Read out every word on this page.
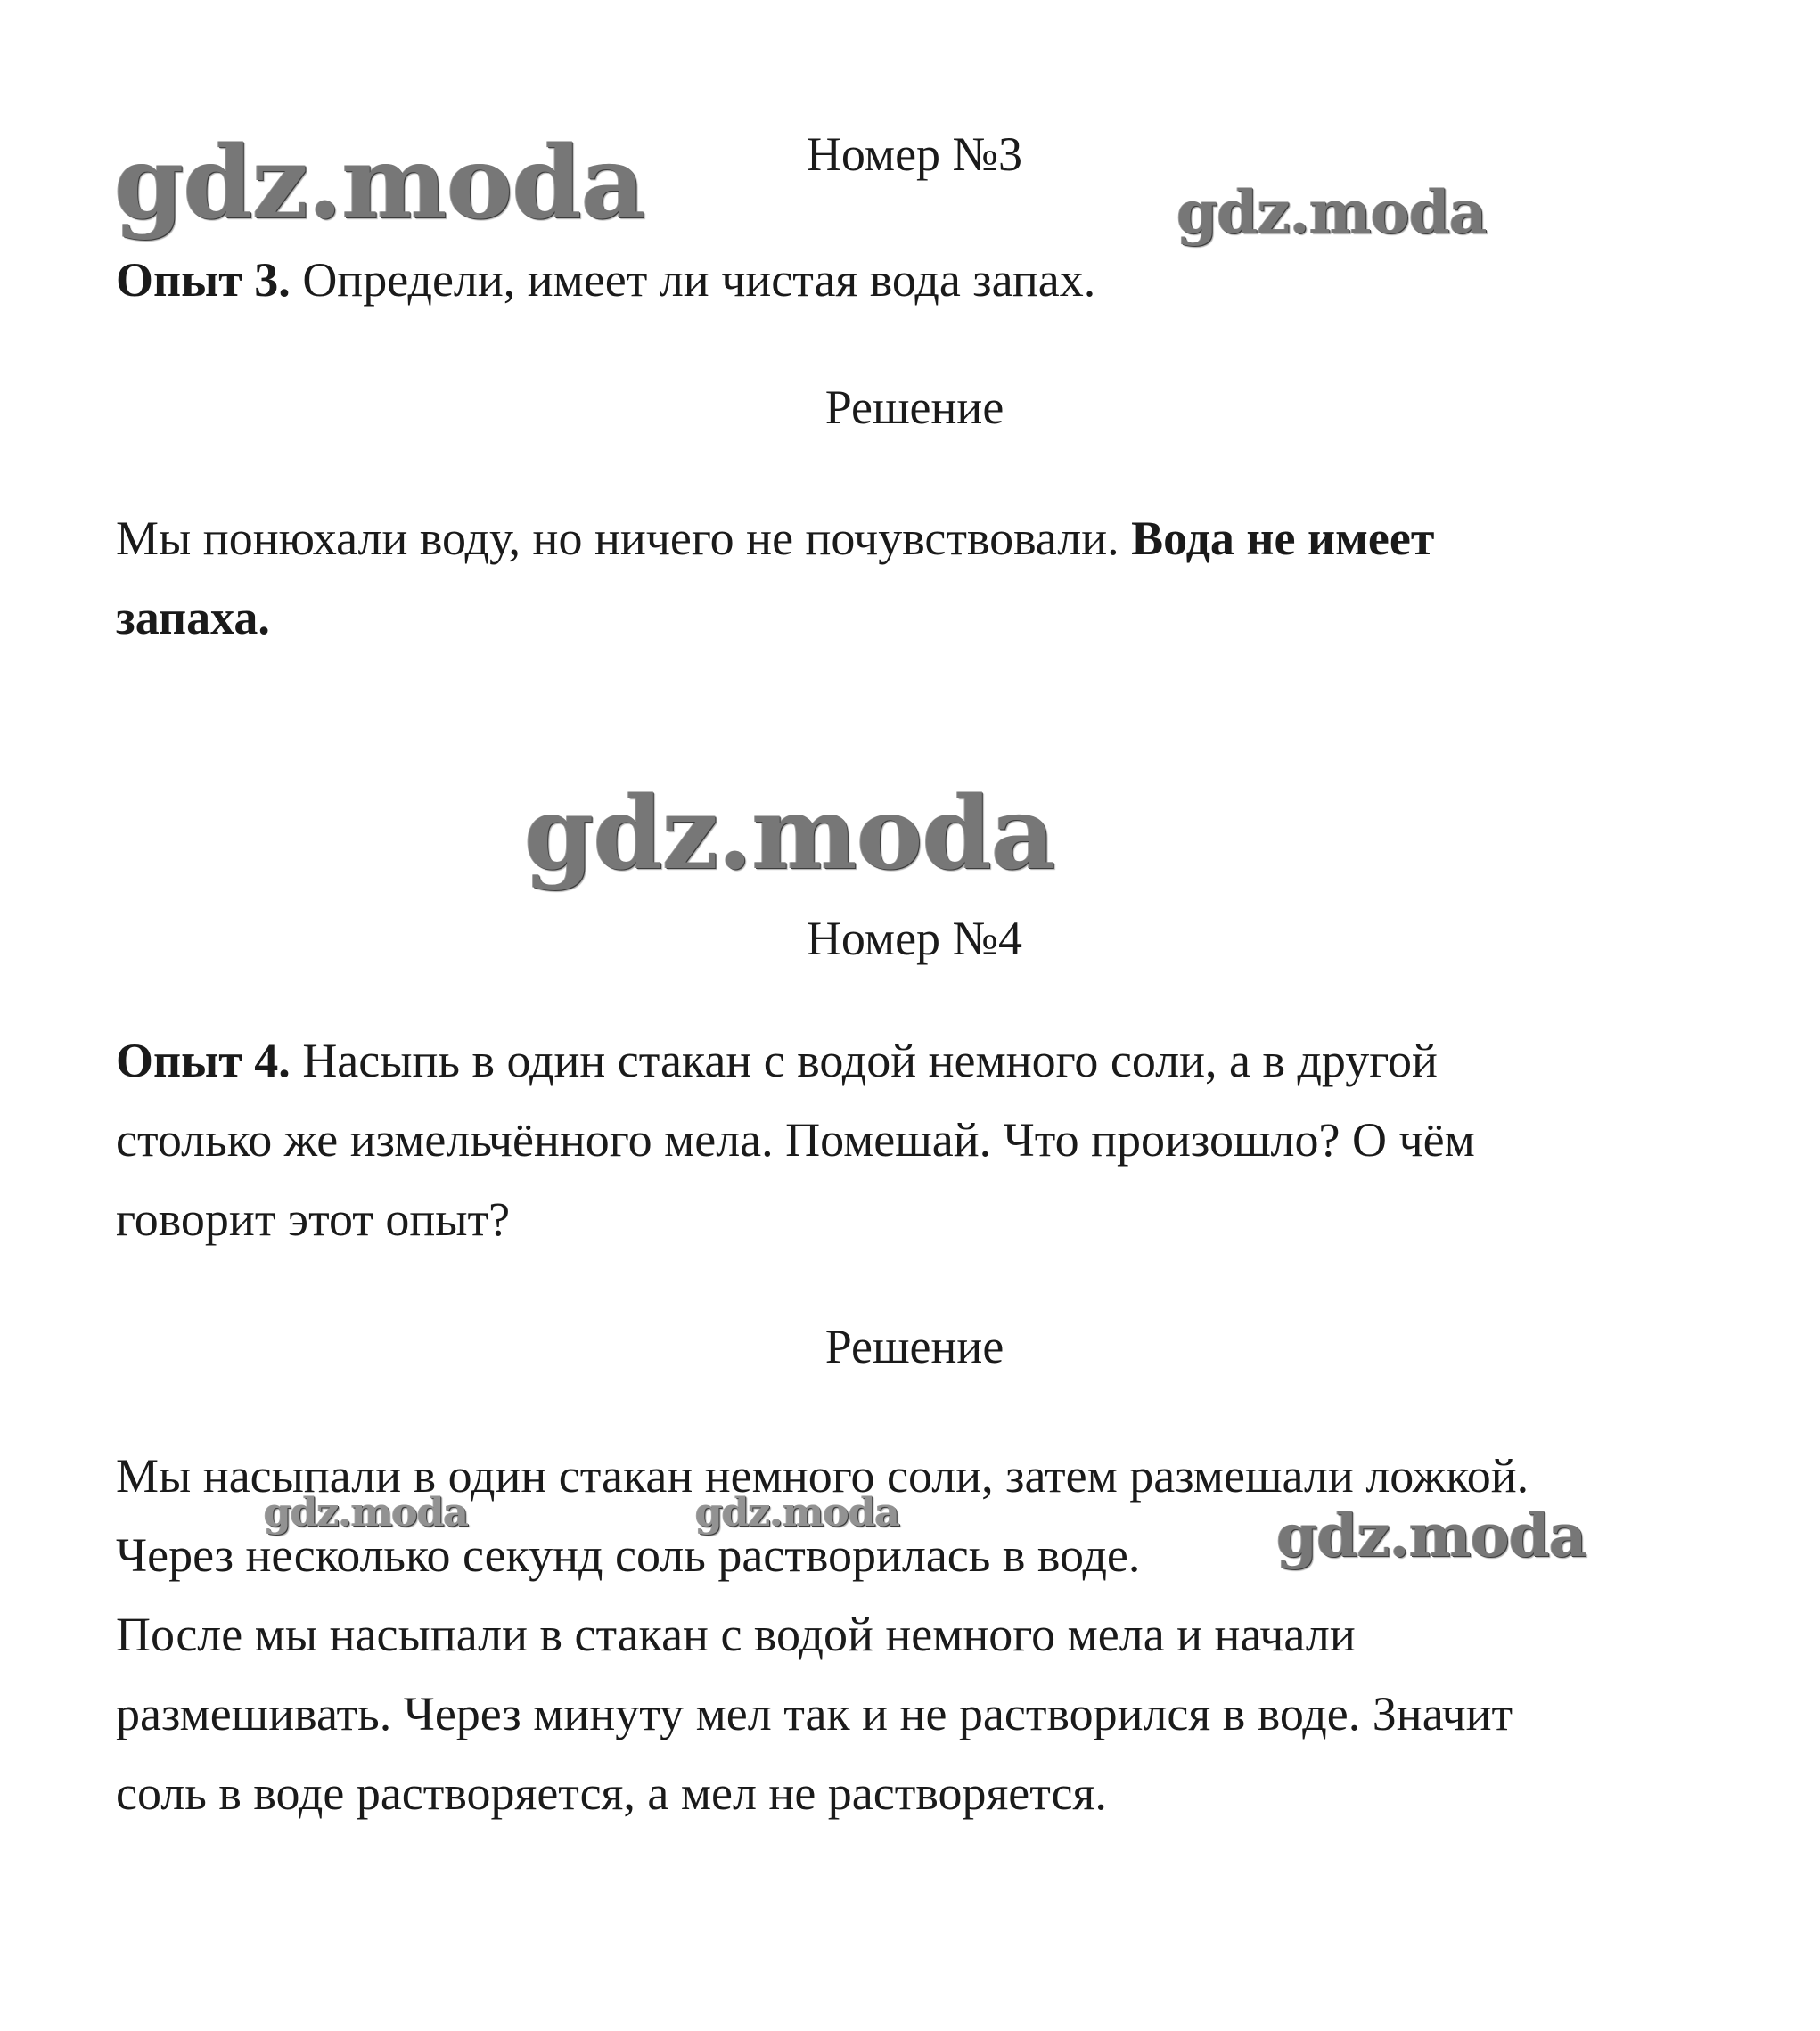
Номер №3

Опыт 3. Определи, имеет ли чистая вода запах.

Решение

Мы понюхали воду, но ничего не почувствовали. Вода не имеет
запаха.

Номер №4

Опыт 4. Насыпь в один стакан с водой немного соли, а в другой
столько же измельчённого мела. Помешай. Что произошло? О чём
говорит этот опыт?

Решение

Мы насыпали в один стакан немного соли, затем размешали ложкой.
Через несколько секунд соль растворилась в воде.
После мы насыпали в стакан с водой немного мела и начали
размешивать. Через минуту мел так и не растворился в воде. Значит
соль в воде растворяется, а мел не растворяется.

gdz.moda	gdz.moda
gdz.moda
gdz.moda	gdz.moda	gdz.moda
